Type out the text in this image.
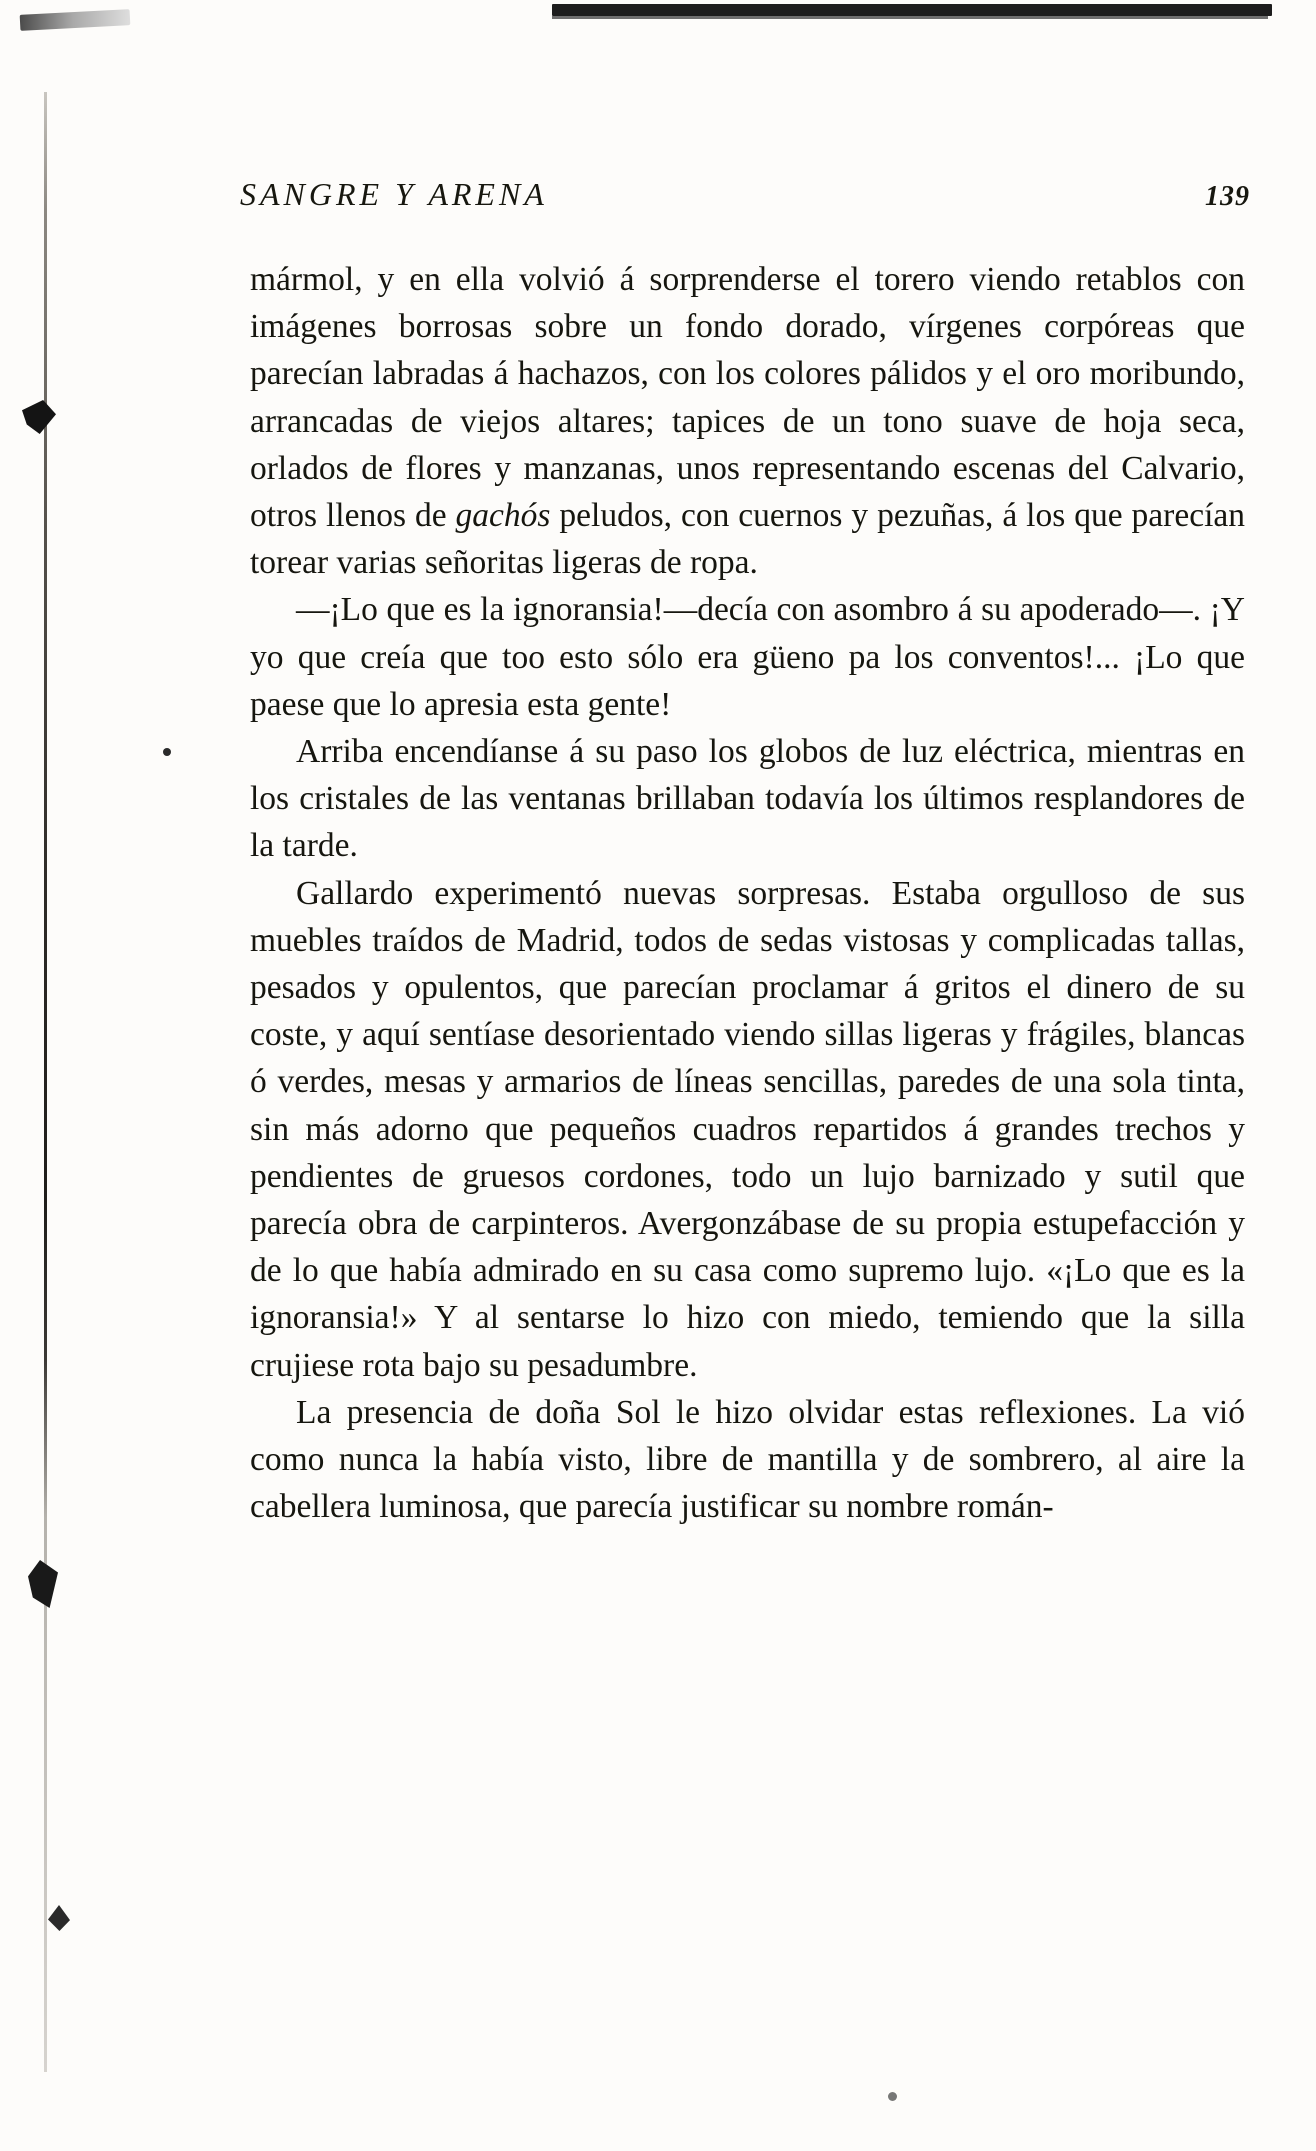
SANGRE Y ARENA	139

mármol, y en ella volvió á sorprenderse el torero viendo retablos con imágenes borrosas sobre un fondo dorado, vírgenes corpóreas que parecían labradas á hachazos, con los colores pálidos y el oro moribundo, arrancadas de viejos altares; tapices de un tono suave de hoja seca, orlados de flores y manzanas, unos representando escenas del Calvario, otros llenos de gachós peludos, con cuernos y pezuñas, á los que parecían torear varias señoritas ligeras de ropa.

—¡Lo que es la ignoransia!—decía con asombro á su apoderado—. ¡Y yo que creía que too esto sólo era güeno pa los conventos!... ¡Lo que paese que lo apresia esta gente!

Arriba encendíanse á su paso los globos de luz eléctrica, mientras en los cristales de las ventanas brillaban todavía los últimos resplandores de la tarde.

Gallardo experimentó nuevas sorpresas. Estaba orgulloso de sus muebles traídos de Madrid, todos de sedas vistosas y complicadas tallas, pesados y opulentos, que parecían proclamar á gritos el dinero de su coste, y aquí sentíase desorientado viendo sillas ligeras y frágiles, blancas ó verdes, mesas y armarios de líneas sencillas, paredes de una sola tinta, sin más adorno que pequeños cuadros repartidos á grandes trechos y pendientes de gruesos cordones, todo un lujo barnizado y sutil que parecía obra de carpinteros. Avergonzábase de su propia estupefacción y de lo que había admirado en su casa como supremo lujo. «¡Lo que es la ignoransia!» Y al sentarse lo hizo con miedo, temiendo que la silla crujiese rota bajo su pesadumbre.

La presencia de doña Sol le hizo olvidar estas reflexiones. La vió como nunca la había visto, libre de mantilla y de sombrero, al aire la cabellera luminosa, que parecía justificar su nombre román-
